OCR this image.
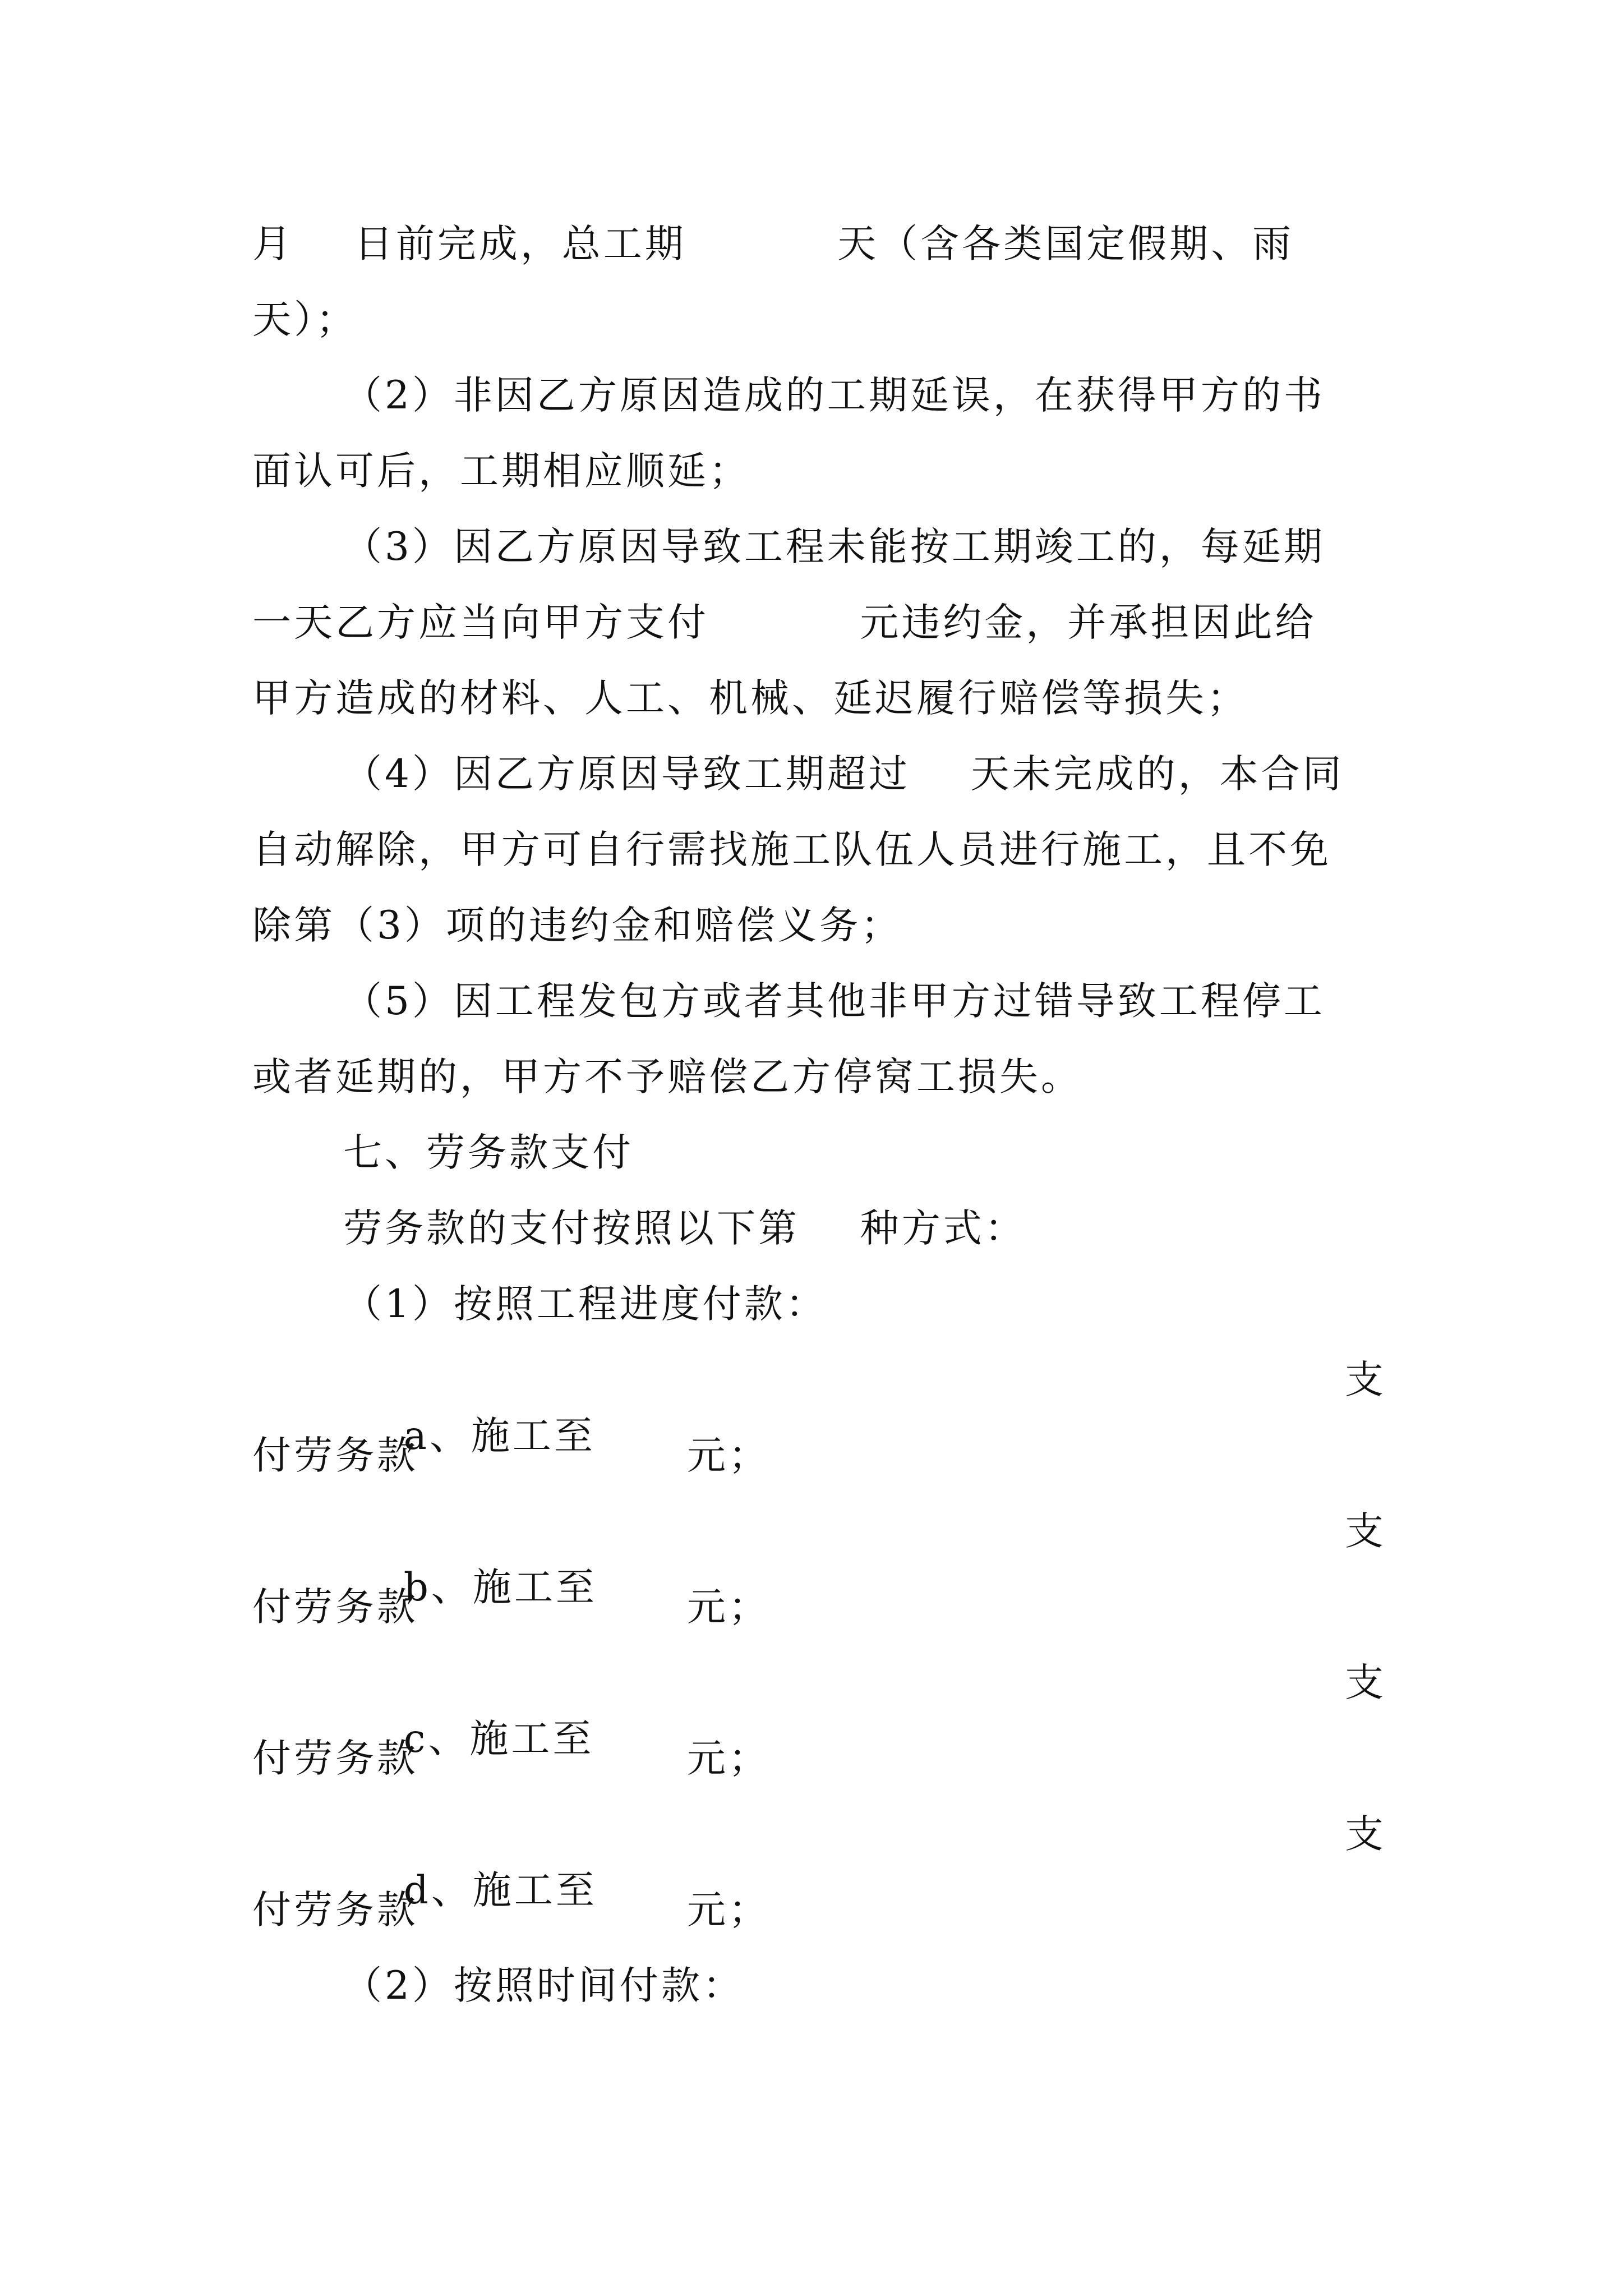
月    日前完成，总工期          天（含各类国定假期、雨
天）；
（2）非因乙方原因造成的工期延误，在获得甲方的书
面认可后，工期相应顺延；
（3）因乙方原因导致工程未能按工期竣工的，每延期
一天乙方应当向甲方支付          元违约金，并承担因此给
甲方造成的材料、人工、机械、延迟履行赔偿等损失；
（4）因乙方原因导致工期超过    天未完成的，本合同
自动解除，甲方可自行需找施工队伍人员进行施工，且不免
除第（3）项的违约金和赔偿义务；
（5）因工程发包方或者其他非甲方过错导致工程停工
或者延期的，甲方不予赔偿乙方停窝工损失。
七、劳务款支付
劳务款的支付按照以下第    种方式：
（1）按照工程进度付款：

a、施工至

支

付劳务款

	元；

b、施工至

支

付劳务款

	元；

c、施工至

支

付劳务款

	元；

d、施工至

支

付劳务款

	元；

（2）按照时间付款：
